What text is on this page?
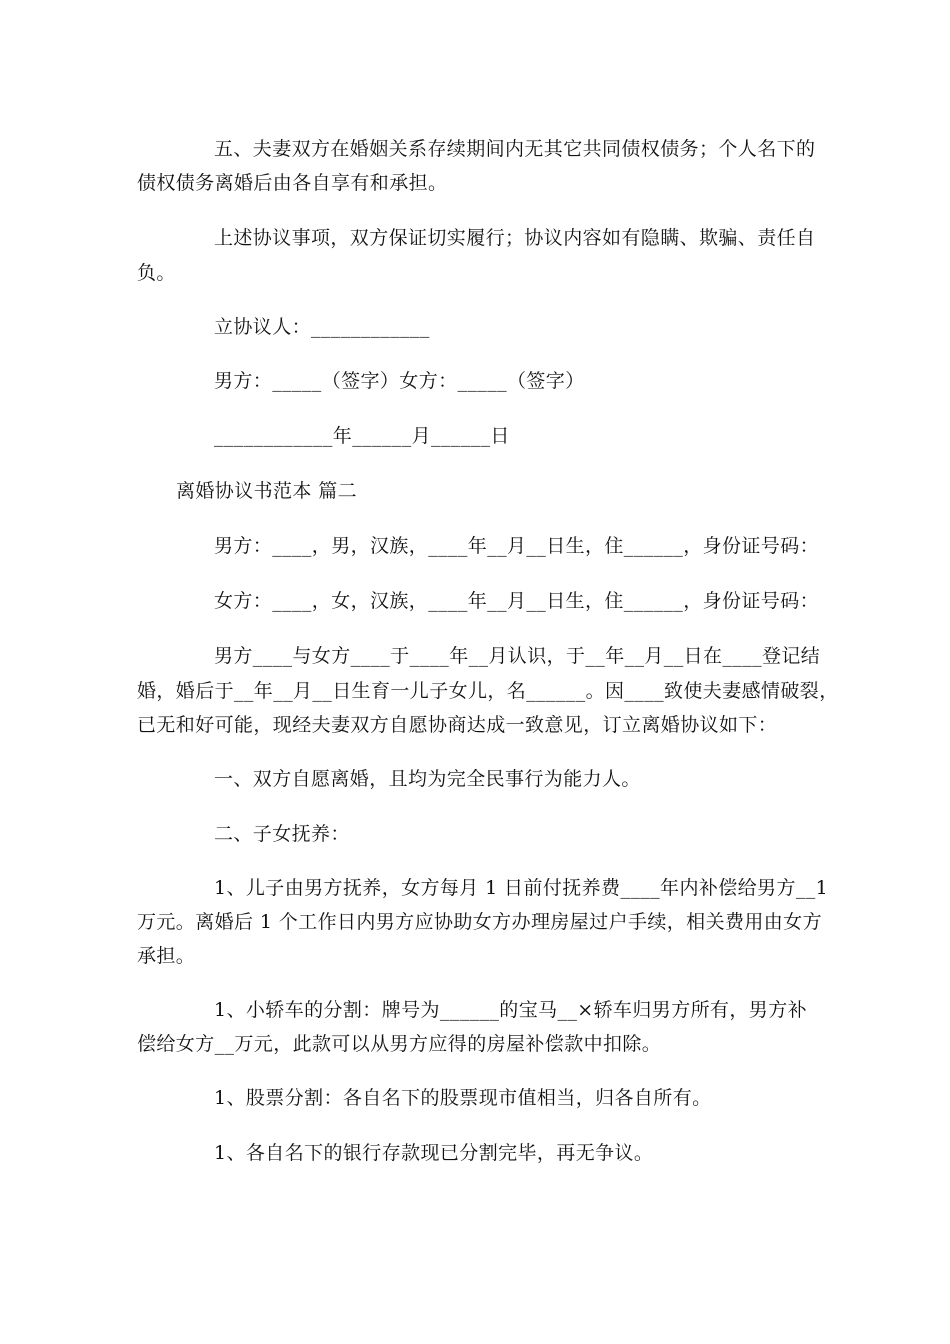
五、夫妻双方在婚姻关系存续期间内无其它共同债权债务；个人名下的
债权债务离婚后由各自享有和承担。
上述协议事项，双方保证切实履行；协议内容如有隐瞒、欺骗、责任自
负。
立协议人：____________
男方：_____（签字）女方：_____（签字）
____________年______月______日
离婚协议书范本 篇二
男方：____，男，汉族，____年__月__日生，住______，身份证号码：
女方：____，女，汉族，____年__月__日生，住______，身份证号码：
男方____与女方____于____年__月认识，于__年__月__日在____登记结
婚，婚后于__年__月__日生育一儿子女儿，名______。因____致使夫妻感情破裂，
已无和好可能，现经夫妻双方自愿协商达成一致意见，订立离婚协议如下：
一、双方自愿离婚，且均为完全民事行为能力人。
二、子女抚养：
1、儿子由男方抚养，女方每月 1 日前付抚养费____年内补偿给男方__1
万元。离婚后 1 个工作日内男方应协助女方办理房屋过户手续，相关费用由女方
承担。
1、小轿车的分割：牌号为______的宝马__×轿车归男方所有，男方补
偿给女方__万元，此款可以从男方应得的房屋补偿款中扣除。
1、股票分割：各自名下的股票现市值相当，归各自所有。
1、各自名下的银行存款现已分割完毕，再无争议。
